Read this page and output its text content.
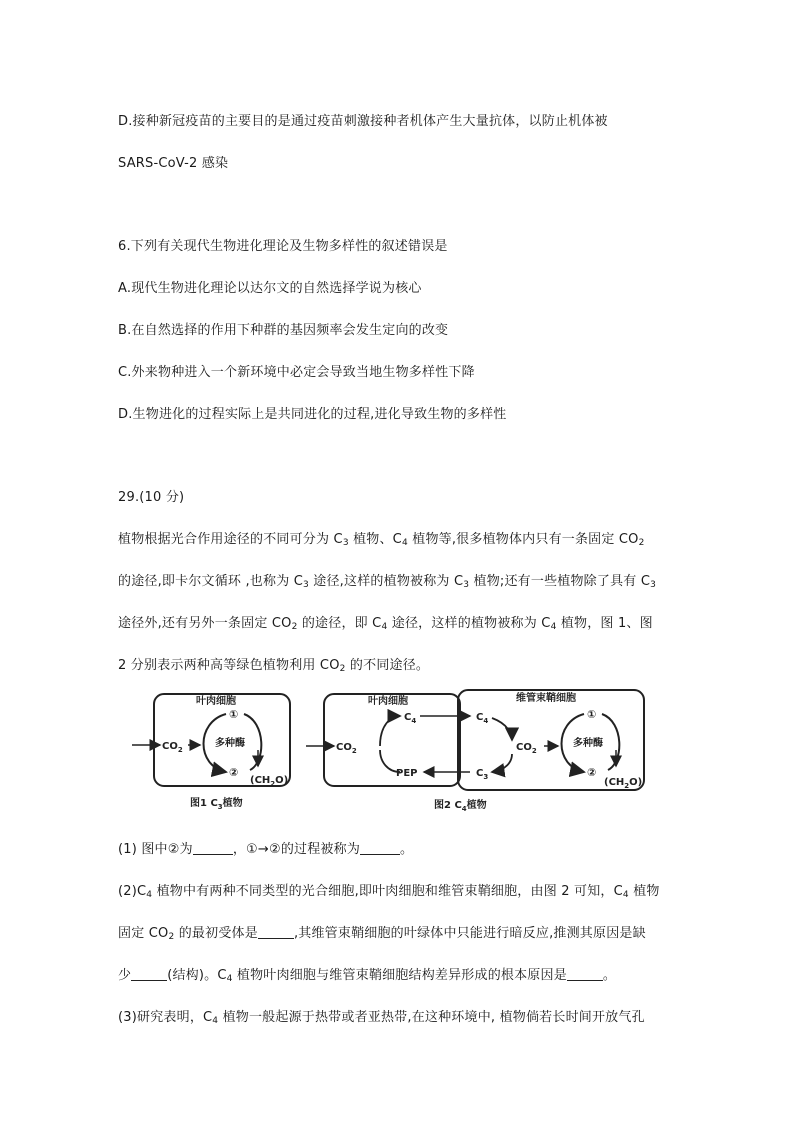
D.接种新冠疫苗的主要目的是通过疫苗刺激接种者机体产生大量抗体，以防止机体被
SARS-CoV-2 感染
6.下列有关现代生物进化理论及生物多样性的叙述错误是
A.现代生物进化理论以达尔文的自然选择学说为核心
B.在自然选择的作用下种群的基因频率会发生定向的改变
C.外来物种进入一个新环境中必定会导致当地生物多样性下降
D.生物进化的过程实际上是共同进化的过程,进化导致生物的多样性
29.(10 分)
植物根据光合作用途径的不同可分为 $C_3$ 植物、$C_4$ 植物等,很多植物体内只有一条固定 $CO_2$
的途径,即卡尔文循环 ,也称为 $C_3$ 途径,这样的植物被称为 $C_3$ 植物;还有一些植物除了具有 $C_3$
途径外,还有另外一条固定 $CO_2$ 的途径，即 $C_4$ 途径，这样的植物被称为 $C_4$ 植物，图 1、图
2 分别表示两种高等绿色植物利用 $CO_2$ 的不同途径。
叶肉细胞
$CO_2$
①
多种酶
②
$(CH_2O)$
图1 $C_3$植物
叶肉细胞	维管束鞘细胞
$CO_2$
$C_4$
PEP
$C_4$
$C_3$
$CO_2$
①
多种酶
②
$(CH_2O)$
图2 $C_4$植物
(1) 图中②为	，①→②的过程被称为	。
$(2)C_4$ 植物中有两种不同类型的光合细胞,即叶肉细胞和维管束鞘细胞，由图 2 可知，$C_4$ 植物
固定 $CO_2$ 的最初受体是	,其维管束鞘细胞的叶绿体中只能进行暗反应,推测其原因是缺
少	(结构)。$C_4$ 植物叶肉细胞与维管束鞘细胞结构差异形成的根本原因是	。
(3)研究表明，$C_4$ 植物一般起源于热带或者亚热带,在这种环境中, 植物倘若长时间开放气孔
